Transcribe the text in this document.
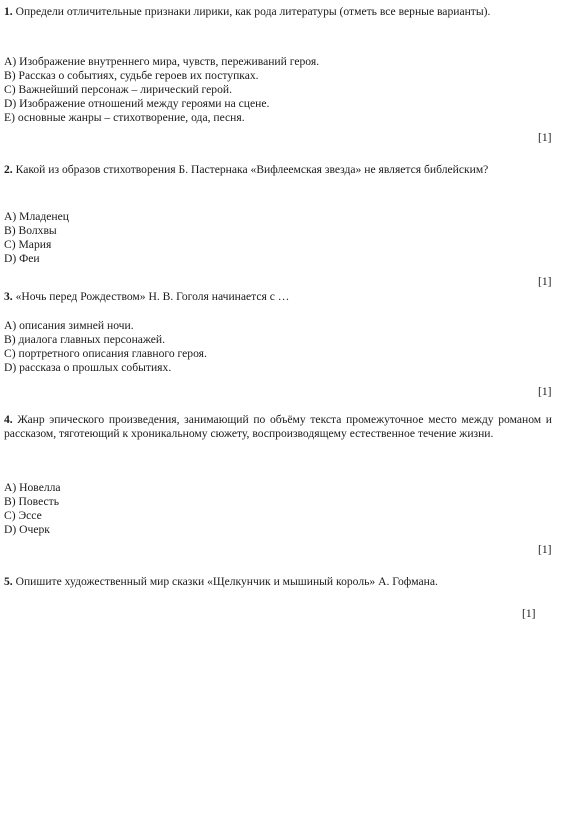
1. Определи отличительные признаки лирики, как рода литературы (отметь все верные варианты).
А) Изображение внутреннего мира, чувств, переживаний героя.
В) Рассказ о событиях, судьбе героев их поступках.
С) Важнейший персонаж – лирический герой.
D) Изображение отношений между героями на сцене.
Е) основные жанры – стихотворение, ода, песня.
[1]
2. Какой из образов стихотворения Б. Пастернака «Вифлеемская звезда» не является библейским?
А) Младенец
В) Волхвы
С) Мария
D) Феи
[1]
3. «Ночь перед Рождеством» Н. В. Гоголя начинается с …
А) описания зимней ночи.
В) диалога главных персонажей.
С) портретного описания главного героя.
D) рассказа о прошлых событиях.
[1]
4. Жанр эпического произведения, занимающий по объёму текста промежуточное место между романом и рассказом, тяготеющий к хроникальному сюжету, воспроизводящему естественное течение жизни.
А) Новелла
В) Повесть
С) Эссе
D) Очерк
[1]
5. Опишите художественный мир сказки «Щелкунчик и мышиный король» А. Гофмана.
[1]
